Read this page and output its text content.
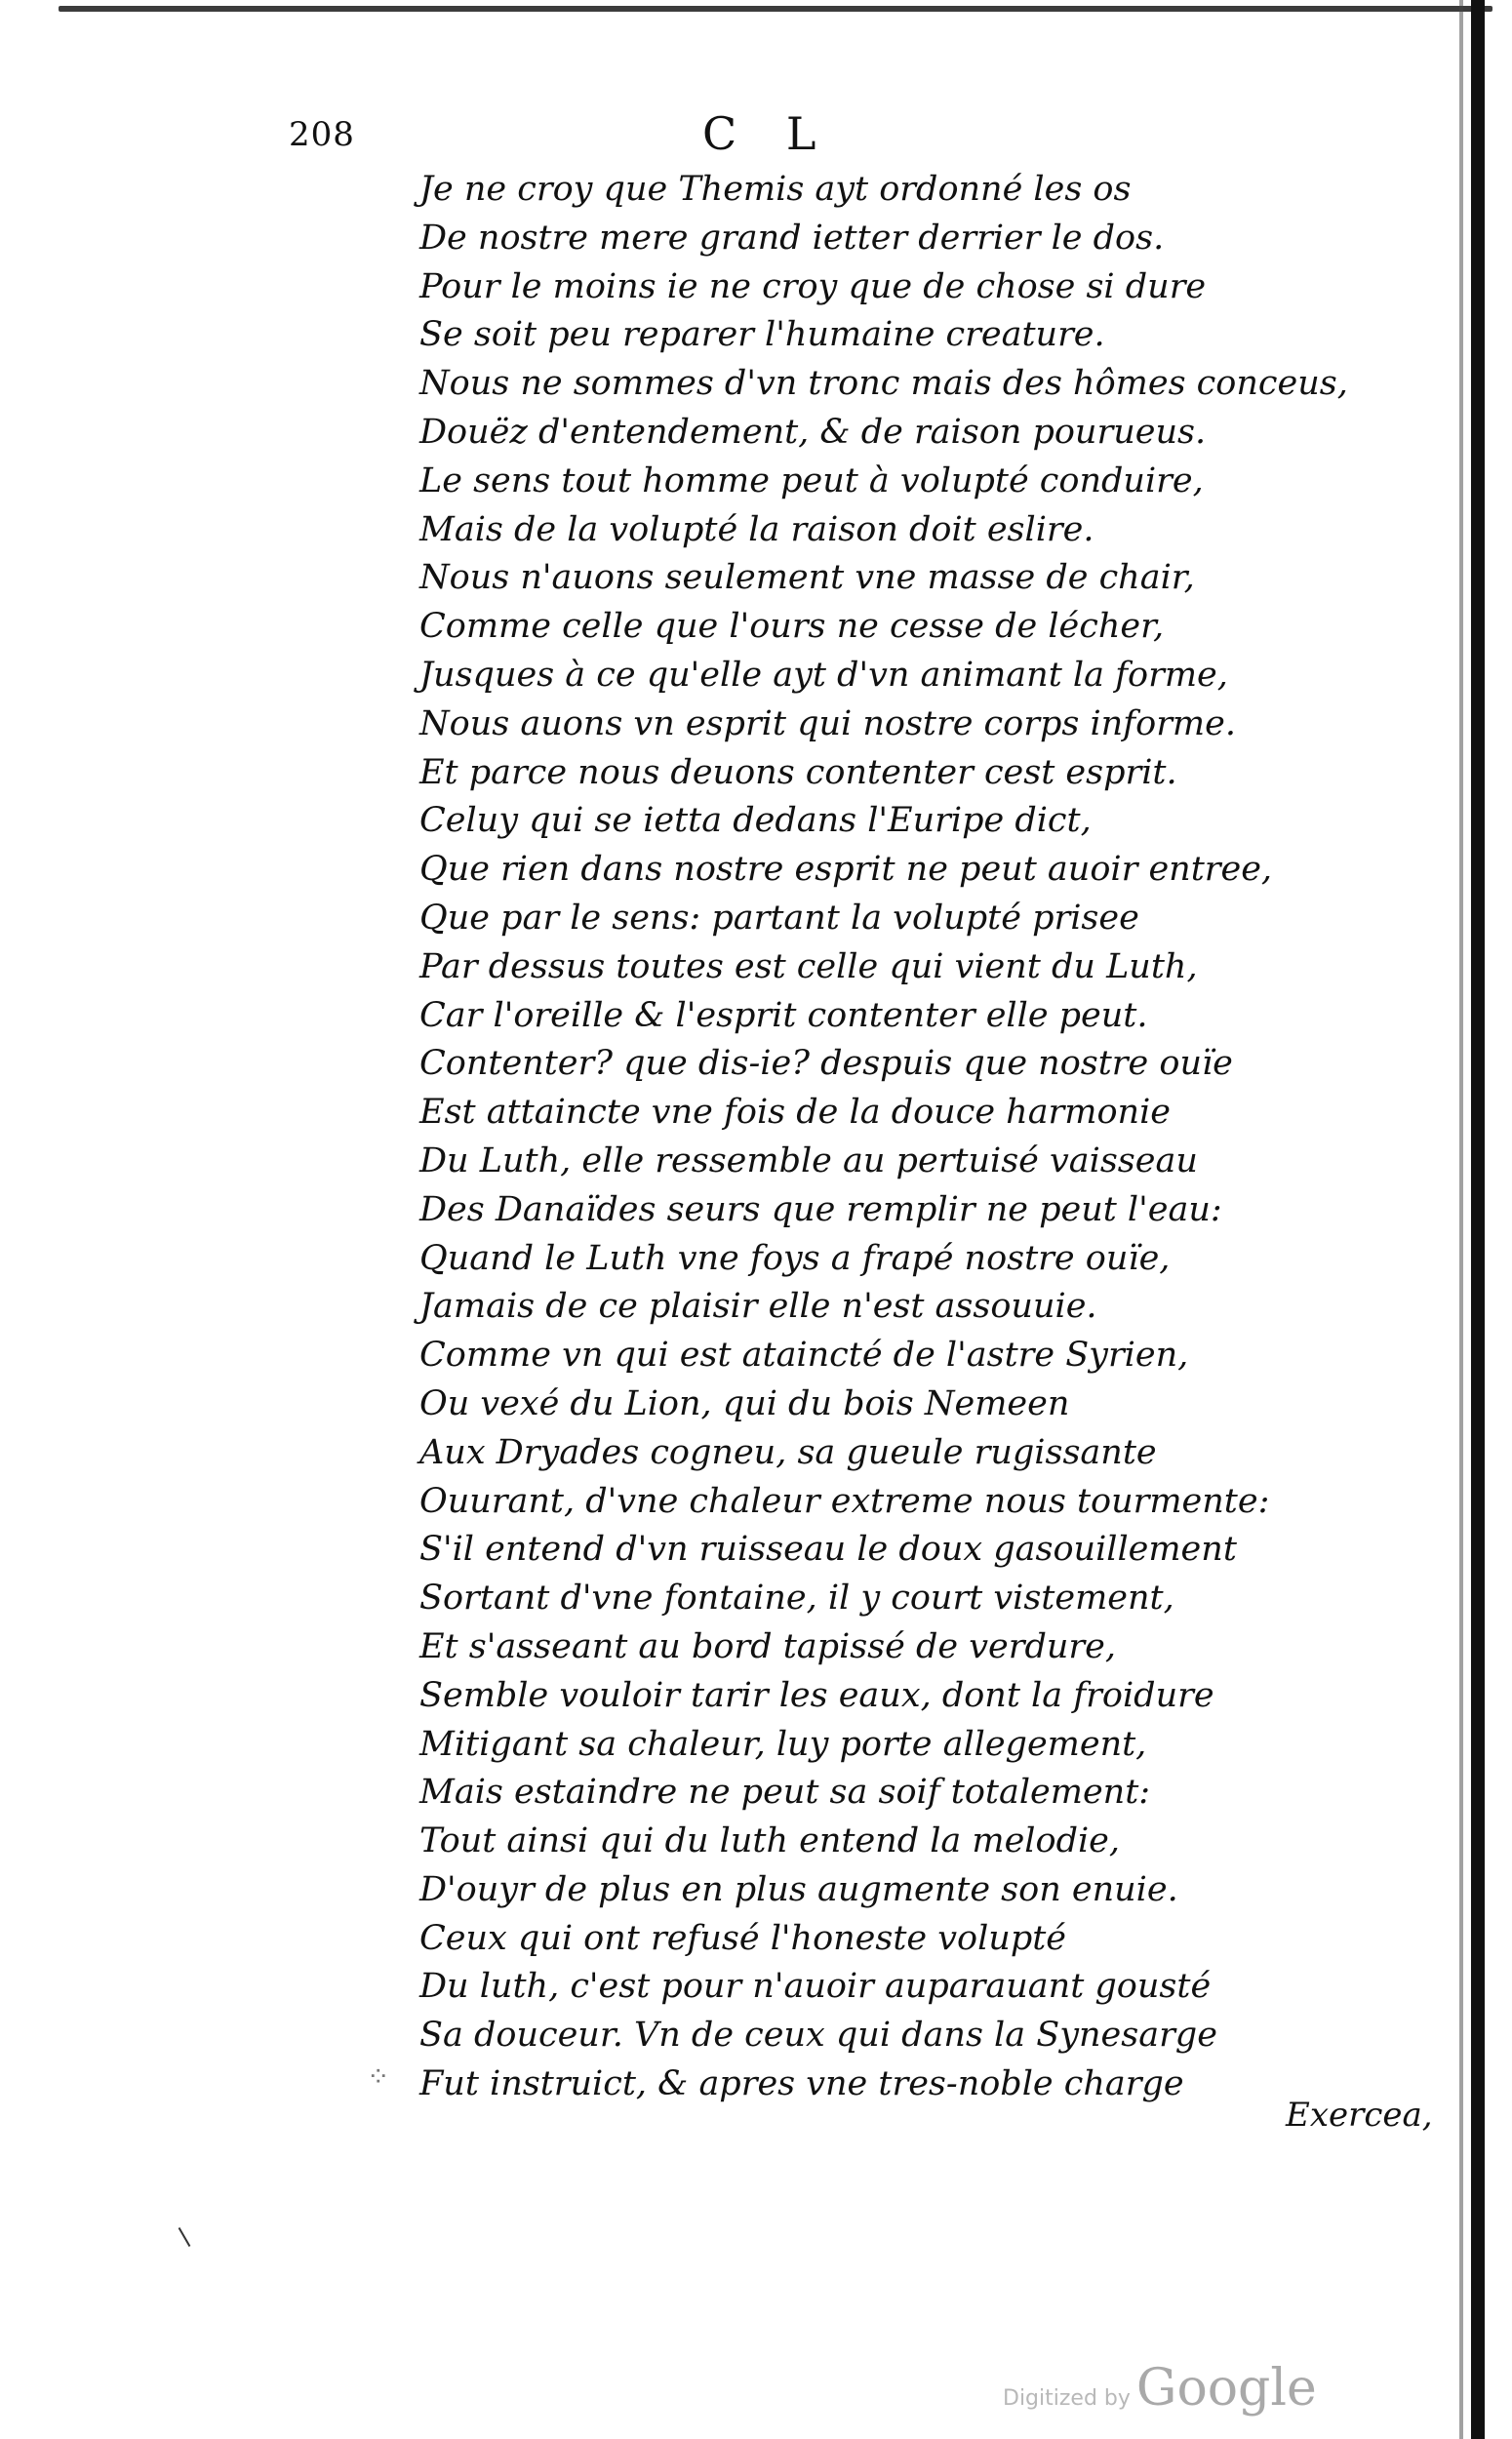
208	C L
Je ne croy que Themis ayt ordonné les os
De nostre mere grand ietter derrier le dos.
Pour le moins ie ne croy que de chose si dure
Se soit peu reparer l'humaine creature.
Nous ne sommes d'vn tronc mais des hômes conceus,
Douëz d'entendement, & de raison pourueus.
Le sens tout homme peut à volupté conduire,
Mais de la volupté la raison doit eslire.
Nous n'auons seulement vne masse de chair,
Comme celle que l'ours ne cesse de lécher,
Jusques à ce qu'elle ayt d'vn animant la forme,
Nous auons vn esprit qui nostre corps informe.
Et parce nous deuons contenter cest esprit.
Celuy qui se ietta dedans l'Euripe dict,
Que rien dans nostre esprit ne peut auoir entree,
Que par le sens: partant la volupté prisee
Par dessus toutes est celle qui vient du Luth,
Car l'oreille & l'esprit contenter elle peut.
Contenter? que dis-ie? despuis que nostre ouïe
Est attaincte vne fois de la douce harmonie
Du Luth, elle ressemble au pertuisé vaisseau
Des Danaïdes seurs que remplir ne peut l'eau:
Quand le Luth vne foys a frapé nostre ouïe,
Jamais de ce plaisir elle n'est assouuie.
Comme vn qui est ataincté de l'astre Syrien,
Ou vexé du Lion, qui du bois Nemeen
Aux Dryades cogneu, sa gueule rugissante
Ouurant, d'vne chaleur extreme nous tourmente:
S'il entend d'vn ruisseau le doux gasouillement
Sortant d'vne fontaine, il y court vistement,
Et s'asseant au bord tapissé de verdure,
Semble vouloir tarir les eaux, dont la froidure
Mitigant sa chaleur, luy porte allegement,
Mais estaindre ne peut sa soif totalement:
Tout ainsi qui du luth entend la melodie,
D'ouyr de plus en plus augmente son enuie.
Ceux qui ont refusé l'honeste volupté
Du luth, c'est pour n'auoir auparauant gousté
Sa douceur. Vn de ceux qui dans la Synesarge
Fut instruict, & apres vne tres-noble charge
⁘
Exercea,
Digitized by Google
